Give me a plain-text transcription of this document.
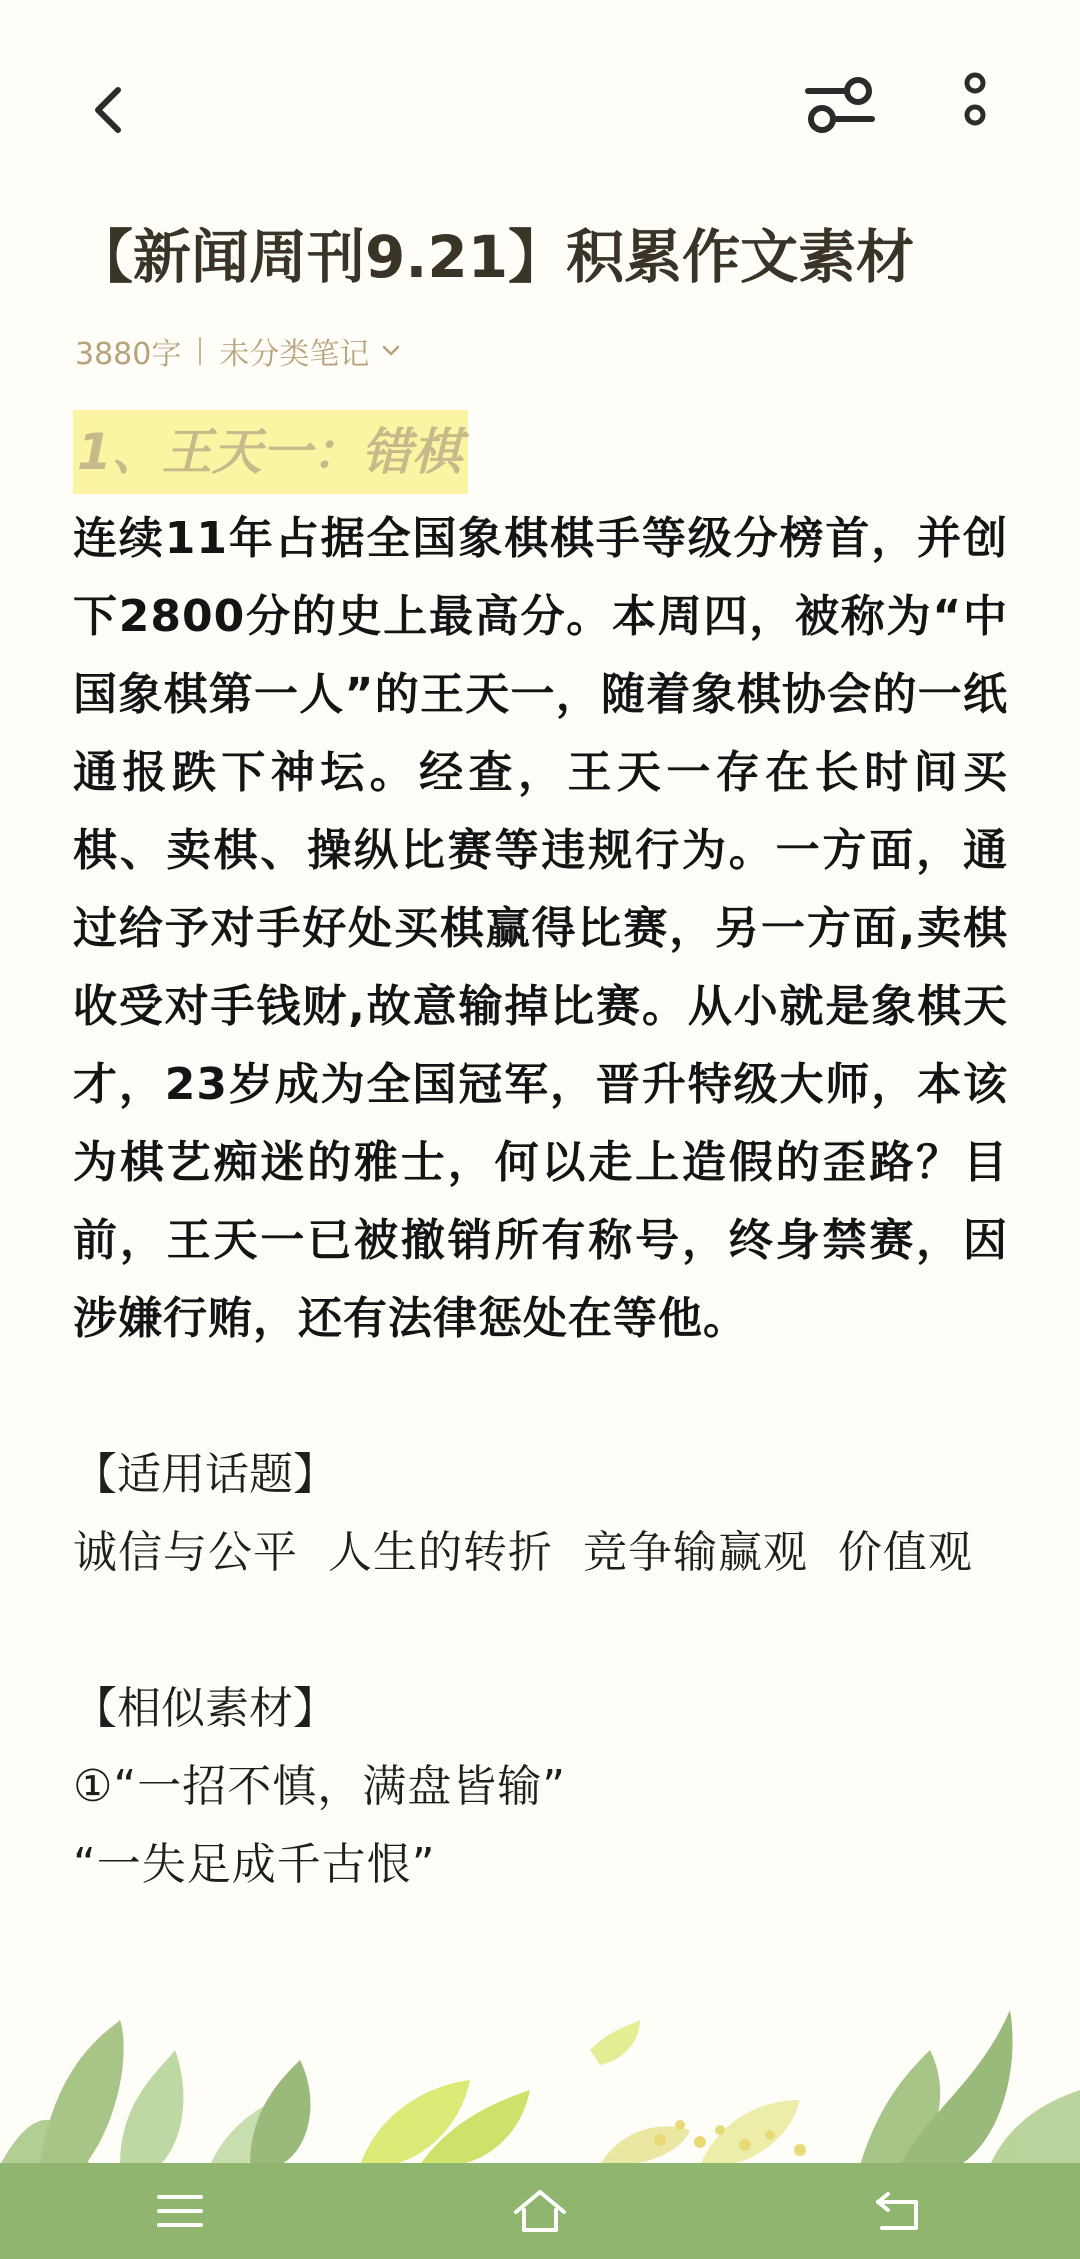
【新闻周刊9.21】积累作文素材
3880字 未分类笔记
1、王天一：错棋
连续11年占据全国象棋棋手等级分榜首，并创下2800分的史上最高分。本周四，被称为“中国象棋第一人”的王天一，随着象棋协会的一纸通报跌下神坛。经查，王天一存在长时间买棋、卖棋、操纵比赛等违规行为。一方面，通过给予对手好处买棋赢得比赛，另一方面,卖棋收受对手钱财,故意输掉比赛。从小就是象棋天才，23岁成为全国冠军，晋升特级大师，本该为棋艺痴迷的雅士，何以走上造假的歪路？目前，王天一已被撤销所有称号，终身禁赛，因涉嫌行贿，还有法律惩处在等他。
【适用话题】
诚信与公平  人生的转折  竞争输赢观  价值观
【相似素材】
①“一招不慎，满盘皆输”
“一失足成千古恨”
